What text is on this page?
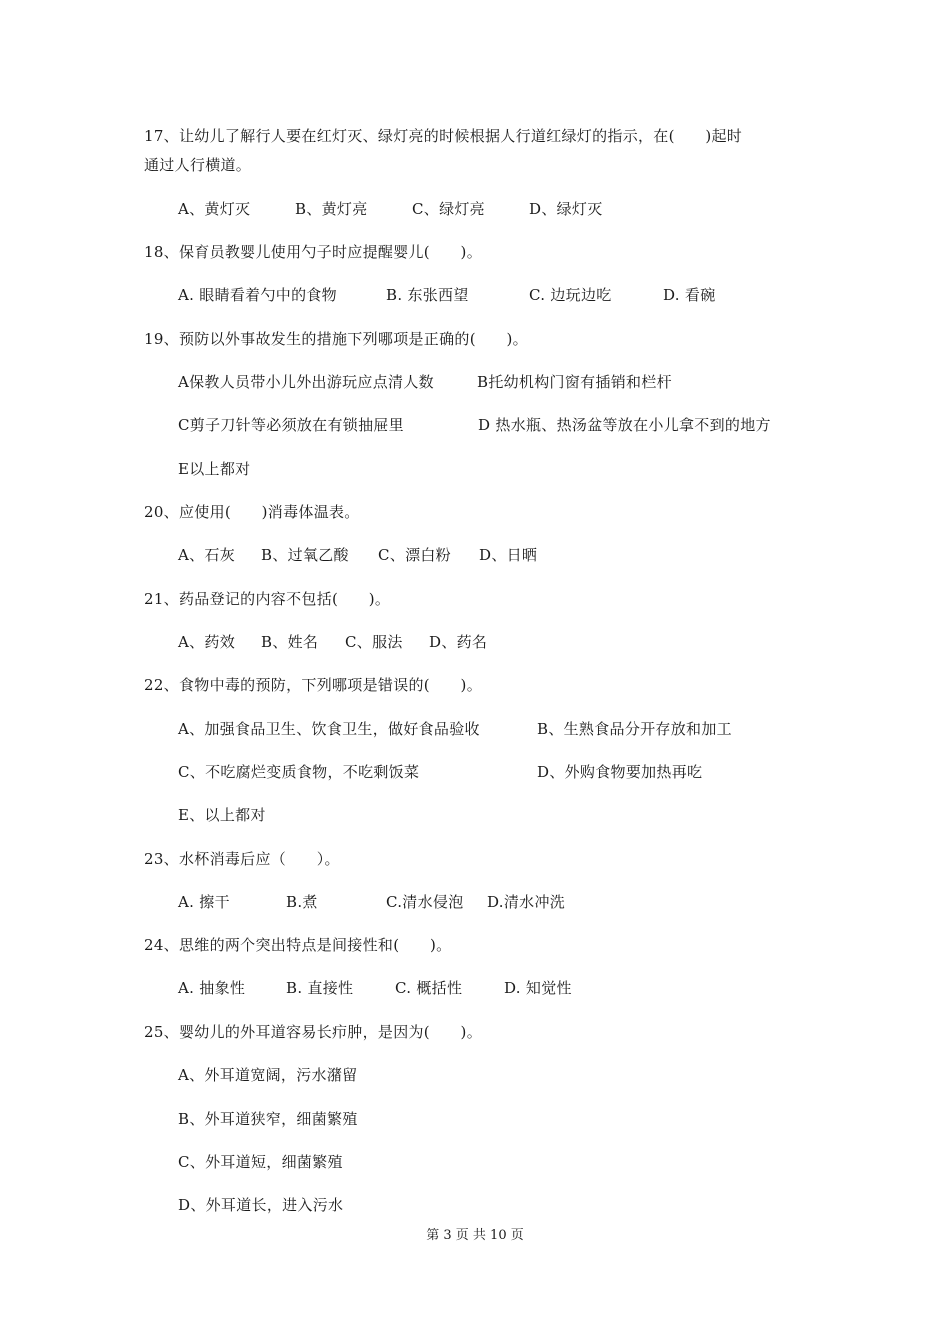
17、让幼儿了解行人要在红灯灭、绿灯亮的时候根据人行道红绿灯的指示，在(　　)起时
通过人行横道。
A、黄灯灭	B、黄灯亮	C、绿灯亮	D、绿灯灭
18、保育员教婴儿使用勺子时应提醒婴儿(　　)。
A. 眼睛看着勺中的食物	B. 东张西望	C. 边玩边吃	D. 看碗
19、预防以外事故发生的措施下列哪项是正确的(　　)。
A保教人员带小儿外出游玩应点清人数	B托幼机构门窗有插销和栏杆
C剪子刀针等必须放在有锁抽屉里	D 热水瓶、热汤盆等放在小儿拿不到的地方
E以上都对
20、应使用(　　)消毒体温表。
A、石灰 B、过氧乙酸 C、漂白粉 D、日晒
21、药品登记的内容不包括(　　)。
A、药效 B、姓名 C、服法 D、药名
22、食物中毒的预防，下列哪项是错误的(　　)。
A、加强食品卫生、饮食卫生，做好食品验收	B、生熟食品分开存放和加工
C、不吃腐烂变质食物，不吃剩饭菜	D、外购食物要加热再吃
E、以上都对
23、水杯消毒后应（　　）。
A. 擦干	B.煮	C.清水侵泡 D.清水冲洗
24、思维的两个突出特点是间接性和(　　)。
A. 抽象性	B. 直接性	C. 概括性	D. 知觉性
25、婴幼儿的外耳道容易长疖肿，是因为(　　)。
A、外耳道宽阔，污水潴留
B、外耳道狭窄，细菌繁殖
C、外耳道短，细菌繁殖
D、外耳道长，进入污水
第 3 页 共 10 页
